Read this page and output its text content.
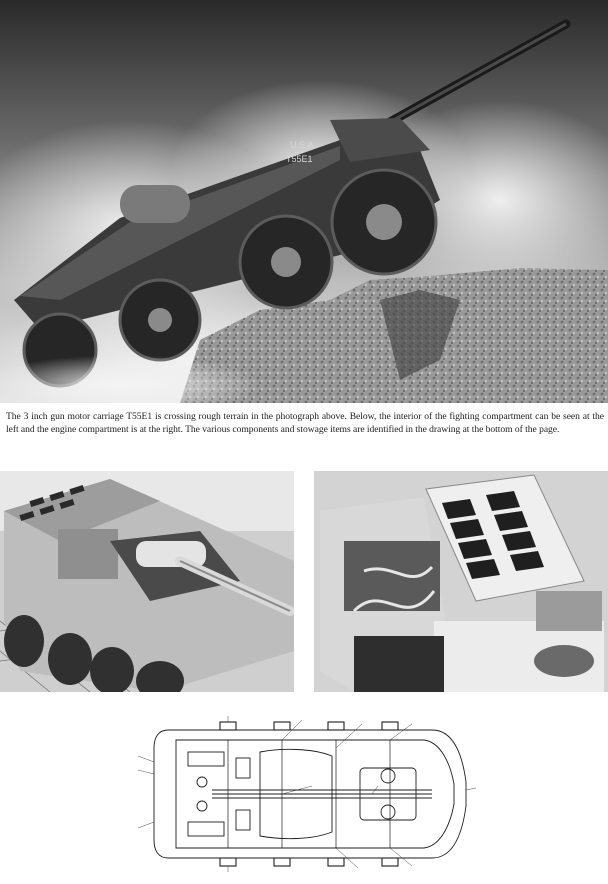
U.S.A.
T55E1

The 3 inch gun motor carriage T55E1 is crossing rough terrain in the photograph above. Below, the interior of the fighting compartment can be seen at the left and the engine compartment is at the right. The various components and stowage items are identified in the drawing at the bottom of the page.
